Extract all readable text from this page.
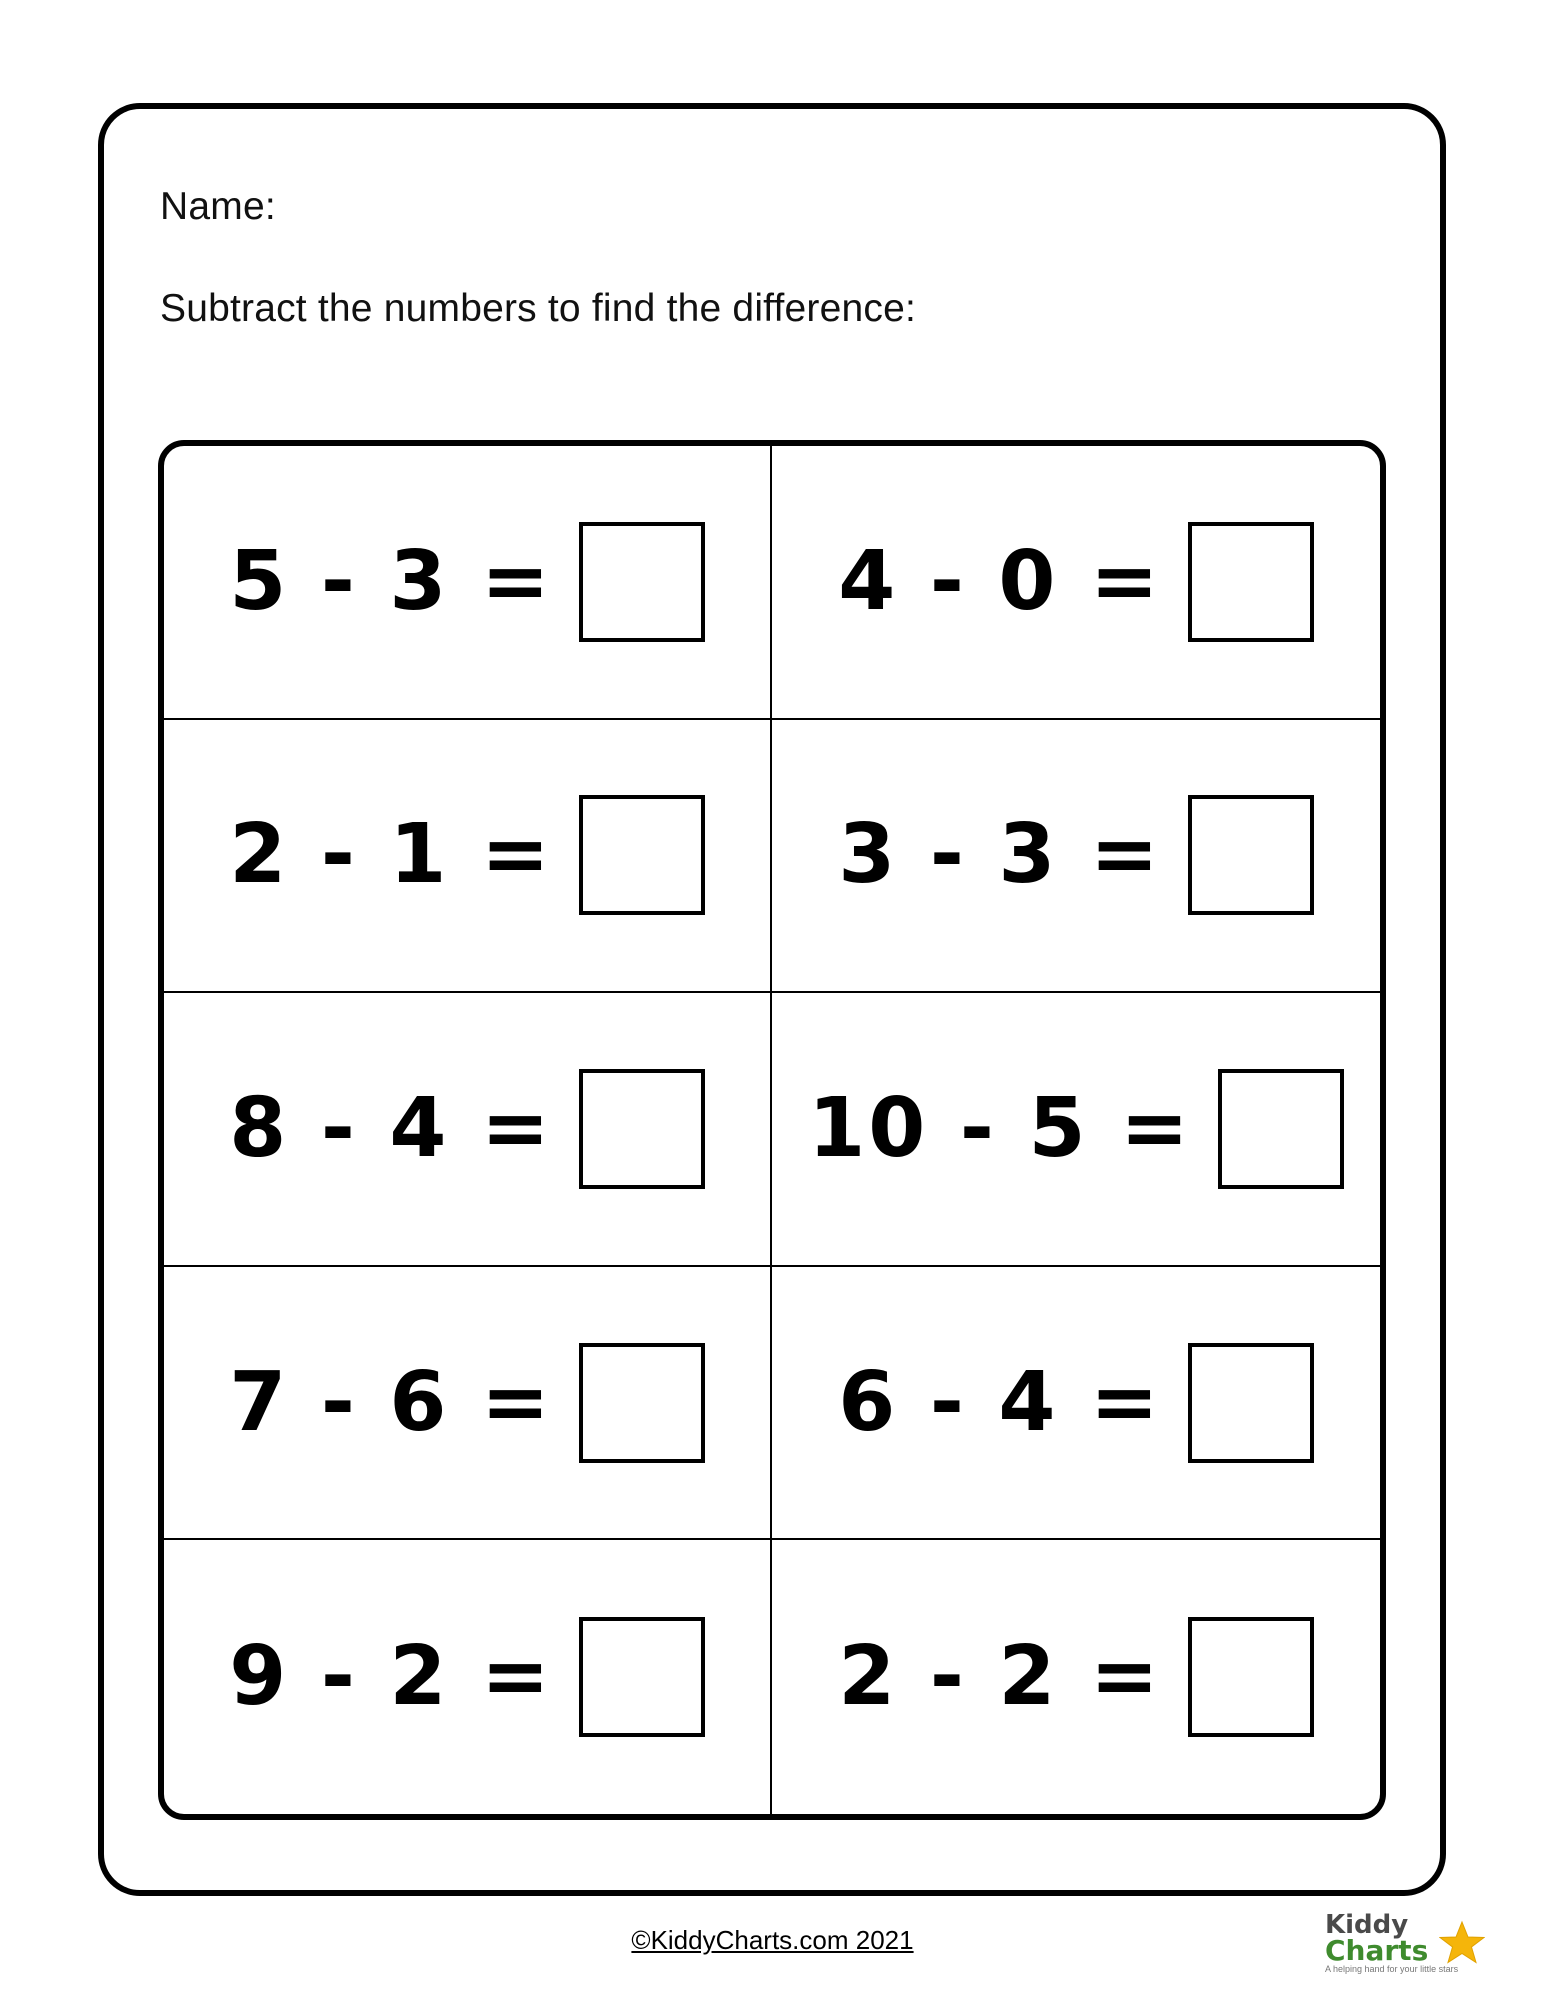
Name:
Subtract the numbers to find the difference:
5 - 3 =	4 - 0 =
2 - 1 =	3 - 3 =
8 - 4 =	10 - 5 =
7 - 6 =	6 - 4 =
9 - 2 =	2 - 2 =
©KiddyCharts.com 2021	Kiddy
Charts
A helping hand for your little stars
